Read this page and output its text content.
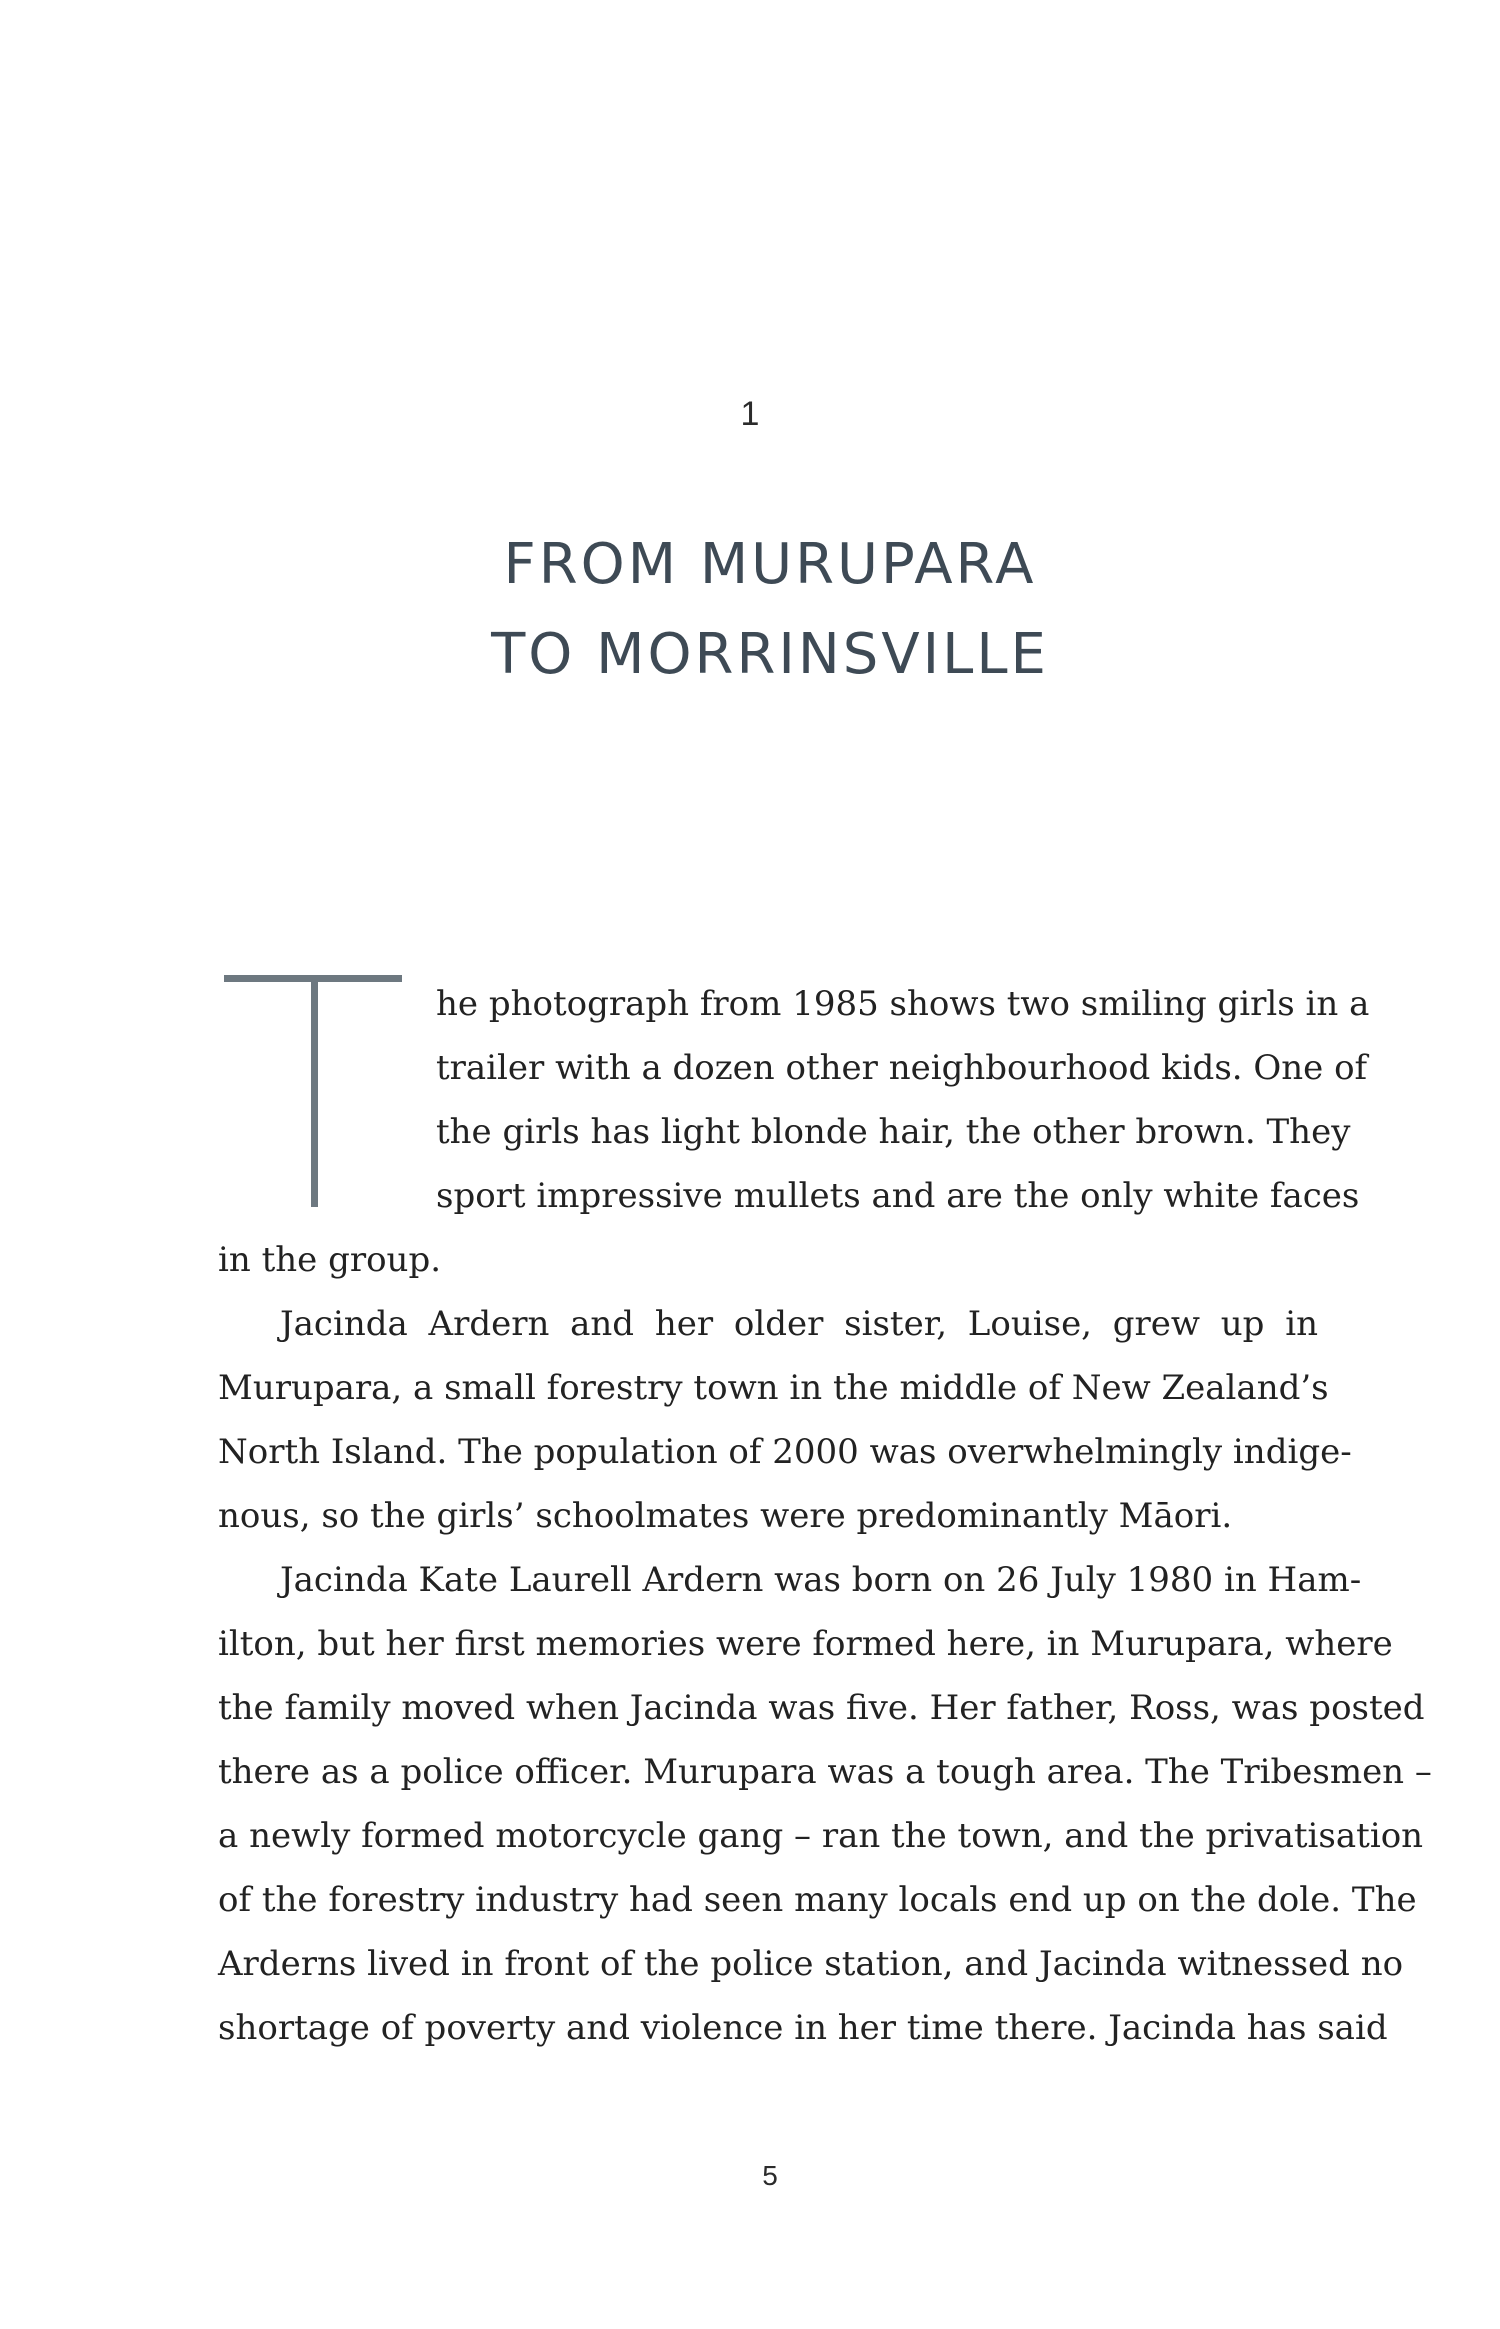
1
FROM MURUPARA
TO MORRINSVILLE
he photograph from 1985 shows two smiling girls in a
trailer with a dozen other neighbourhood kids. One of
the girls has light blonde hair, the other brown. They
sport impressive mullets and are the only white faces
in the group.
Jacinda Ardern and her older sister, Louise, grew up in
Murupara, a small forestry town in the middle of New Zealand’s
North Island. The population of 2000 was overwhelmingly indige-
nous, so the girls’ schoolmates were predominantly Māori.
Jacinda Kate Laurell Ardern was born on 26 July 1980 in Ham-
ilton, but her first memories were formed here, in Murupara, where
the family moved when Jacinda was five. Her father, Ross, was posted
there as a police officer. Murupara was a tough area. The Tribesmen –
a newly formed motorcycle gang – ran the town, and the privatisation
of the forestry industry had seen many locals end up on the dole. The
Arderns lived in front of the police station, and Jacinda witnessed no
shortage of poverty and violence in her time there. Jacinda has said
5
